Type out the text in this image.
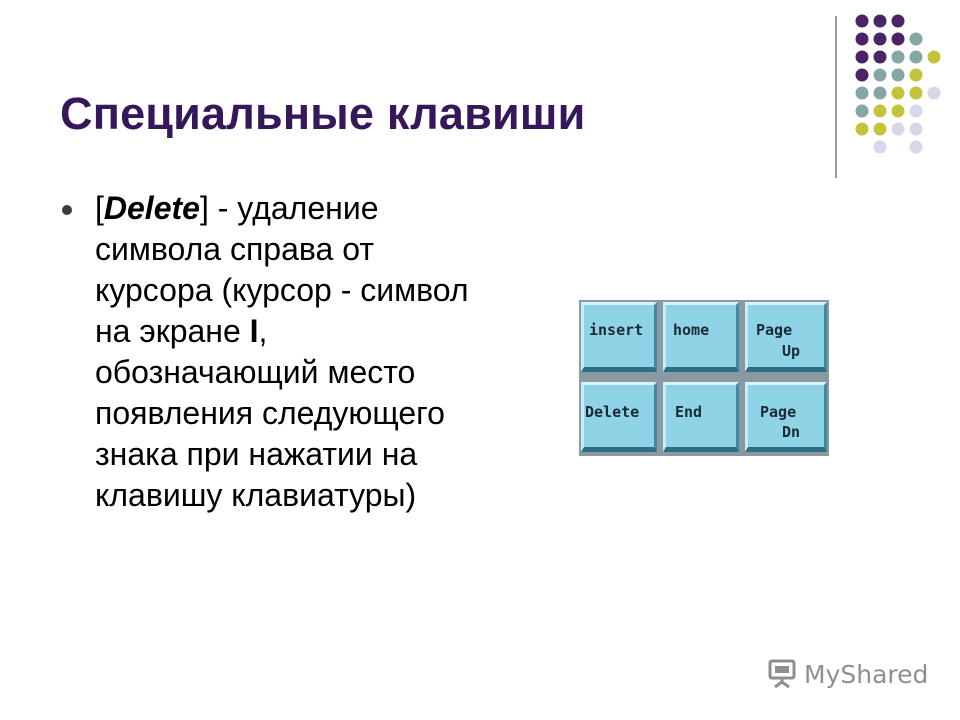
Специальные клавиши
[Delete] - удаление символа справа от курсора (курсор - символ на экране I, обозначающий место появления следующего знака при нажатии на клавишу клавиатуры)
insert home	Page
Up
Delete End	Page
Dn
MyShared
